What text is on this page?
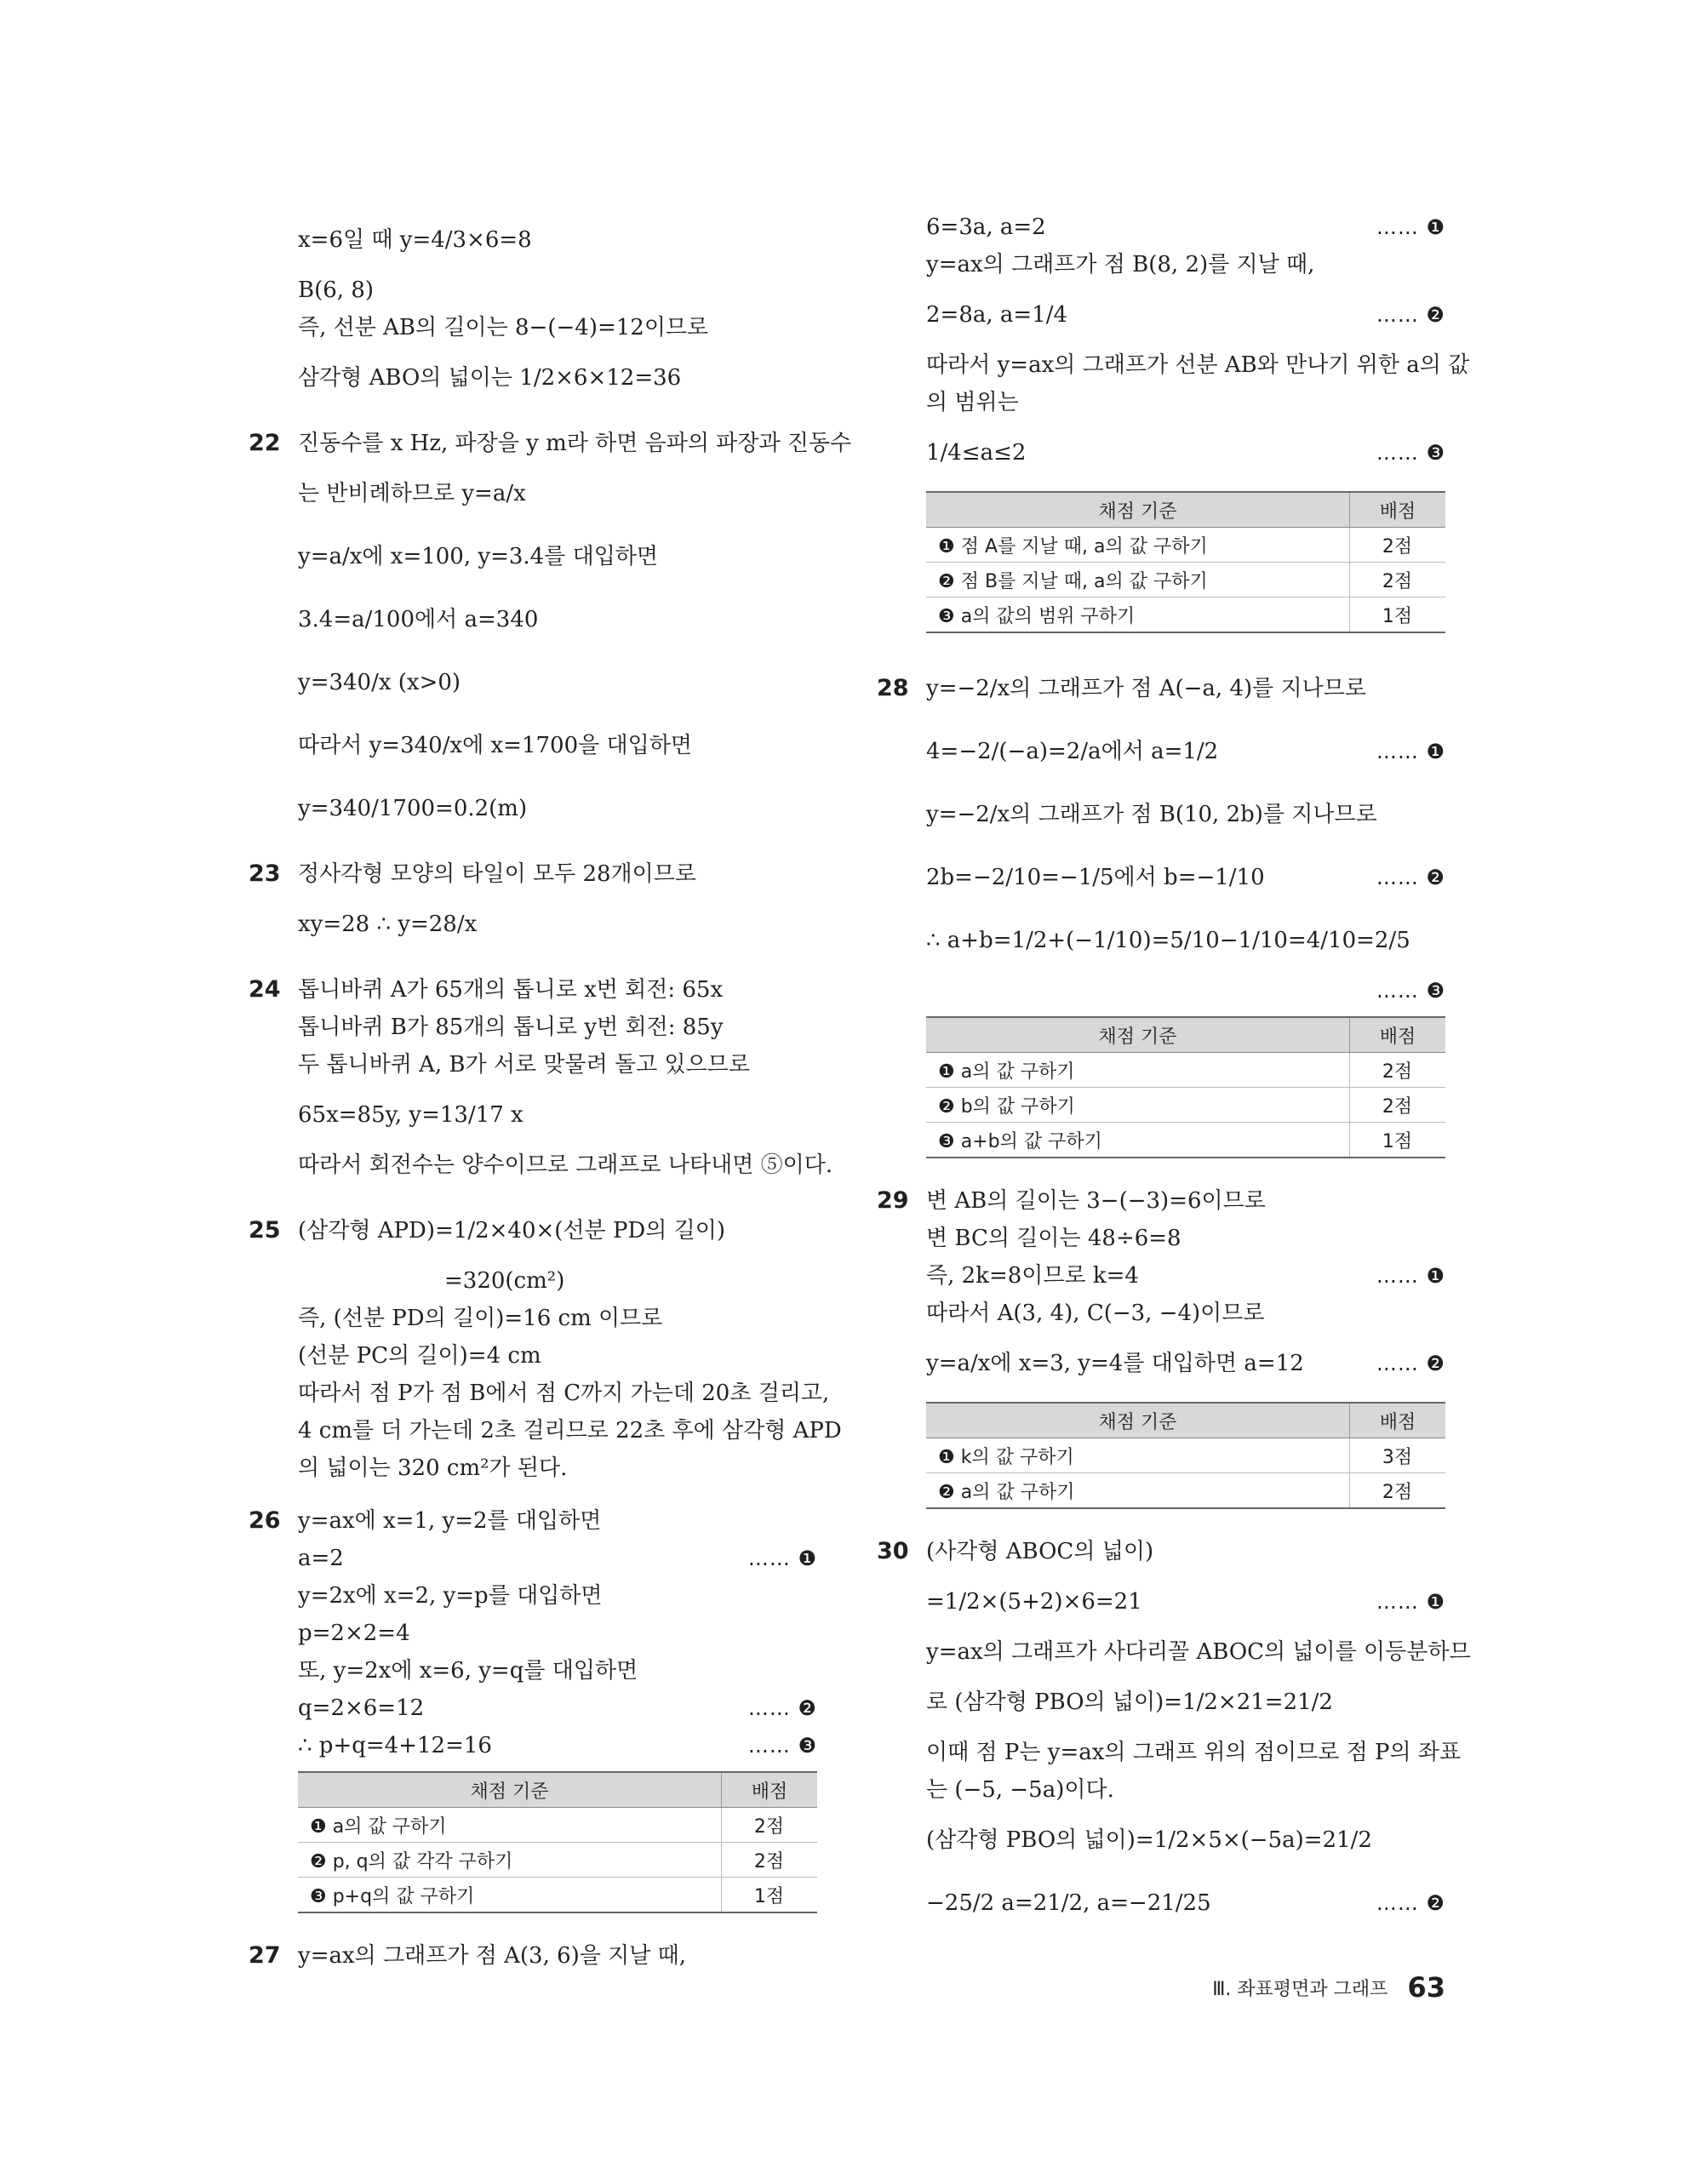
x=6일 때 y=4/3×6=8
B(6, 8)
즉, 선분 AB의 길이는 8−(−4)=12이므로
삼각형 ABO의 넓이는 1/2×6×12=36
22 진동수를 x Hz, 파장을 y m라 하면 음파의 파장과 진동수
는 반비례하므로 y=a/x
y=a/x에 x=100, y=3.4를 대입하면
3.4=a/100에서 a=340
y=340/x (x>0)
따라서 y=340/x에 x=1700을 대입하면
y=340/1700=0.2(m)
23 정사각형 모양의 타일이 모두 28개이므로
xy=28 ∴ y=28/x
24 톱니바퀴 A가 65개의 톱니로 x번 회전: 65x
톱니바퀴 B가 85개의 톱니로 y번 회전: 85y
두 톱니바퀴 A, B가 서로 맞물려 돌고 있으므로
65x=85y, y=13/17 x
따라서 회전수는 양수이므로 그래프로 나타내면 ⑤이다.
25 (삼각형 APD)=1/2×40×(선분 PD의 길이)
=320(cm²)
즉, (선분 PD의 길이)=16 cm 이므로
(선분 PC의 길이)=4 cm
따라서 점 P가 점 B에서 점 C까지 가는데 20초 걸리고,
4 cm를 더 가는데 2초 걸리므로 22초 후에 삼각형 APD
의 넓이는 320 cm²가 된다.
26 y=ax에 x=1, y=2를 대입하면
a=2	…… ❶
y=2x에 x=2, y=p를 대입하면
p=2×2=4
또, y=2x에 x=6, y=q를 대입하면
q=2×6=12	…… ❷
∴ p+q=4+12=16	…… ❸
채점 기준	배점
❶ a의 값 구하기	2점
❷ p, q의 값 각각 구하기	2점
❸ p+q의 값 구하기	1점
27 y=ax의 그래프가 점 A(3, 6)을 지날 때,
6=3a, a=2	…… ❶
y=ax의 그래프가 점 B(8, 2)를 지날 때,
2=8a, a=1/4	…… ❷
따라서 y=ax의 그래프가 선분 AB와 만나기 위한 a의 값
의 범위는
1/4≤a≤2	…… ❸
채점 기준	배점
❶ 점 A를 지날 때, a의 값 구하기	2점
❷ 점 B를 지날 때, a의 값 구하기	2점
❸ a의 값의 범위 구하기	1점
28 y=−2/x의 그래프가 점 A(−a, 4)를 지나므로
4=−2/(−a)=2/a에서 a=1/2	…… ❶
y=−2/x의 그래프가 점 B(10, 2b)를 지나므로
2b=−2/10=−1/5에서 b=−1/10	…… ❷
∴ a+b=1/2+(−1/10)=5/10−1/10=4/10=2/5
…… ❸
채점 기준	배점
❶ a의 값 구하기	2점
❷ b의 값 구하기	2점
❸ a+b의 값 구하기	1점
29 변 AB의 길이는 3−(−3)=6이므로
변 BC의 길이는 48÷6=8
즉, 2k=8이므로 k=4	…… ❶
따라서 A(3, 4), C(−3, −4)이므로
y=a/x에 x=3, y=4를 대입하면 a=12	…… ❷
채점 기준	배점
❶ k의 값 구하기	3점
❷ a의 값 구하기	2점
30 (사각형 ABOC의 넓이)
=1/2×(5+2)×6=21	…… ❶
y=ax의 그래프가 사다리꼴 ABOC의 넓이를 이등분하므
로 (삼각형 PBO의 넓이)=1/2×21=21/2
이때 점 P는 y=ax의 그래프 위의 점이므로 점 P의 좌표
는 (−5, −5a)이다.
(삼각형 PBO의 넓이)=1/2×5×(−5a)=21/2
−25/2 a=21/2, a=−21/25	…… ❷
Ⅲ. 좌표평면과 그래프 63
